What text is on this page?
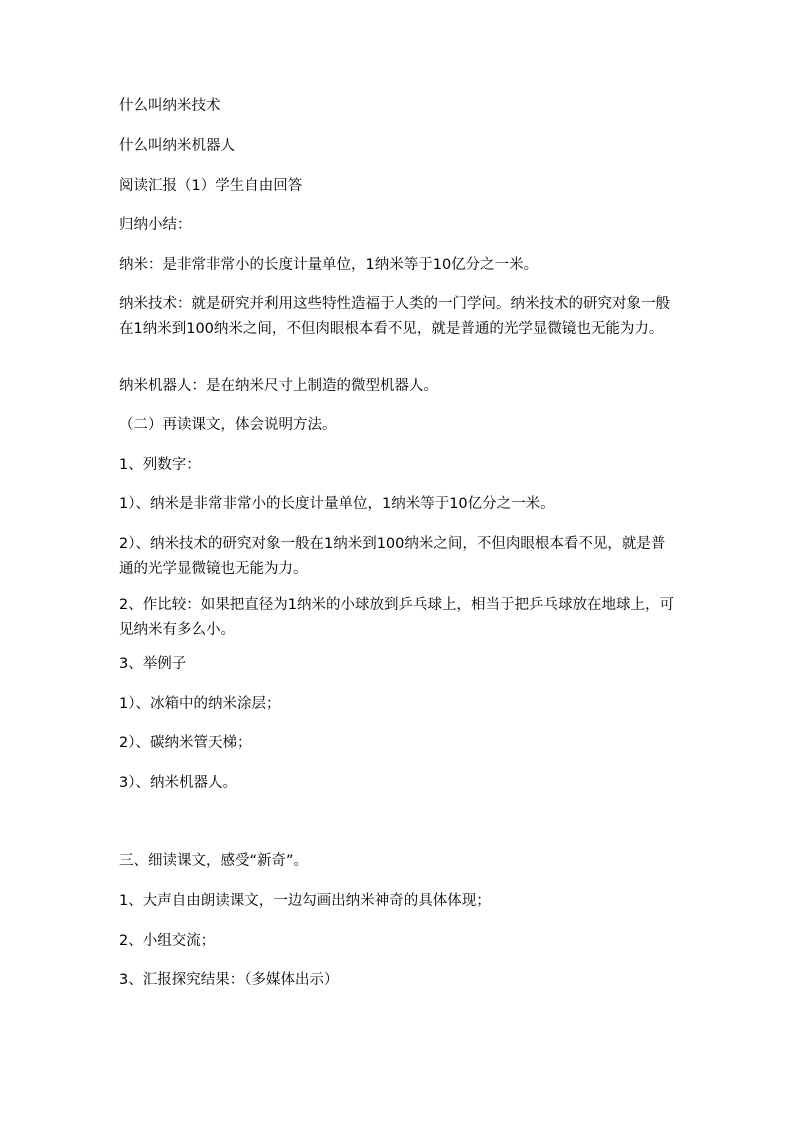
什么叫纳米技术

什么叫纳米机器人

阅读汇报（1）学生自由回答

归纳小结：

纳米：是非常非常小的长度计量单位，1纳米等于10亿分之一米。

纳米技术：就是研究并利用这些特性造福于人类的一门学问。纳米技术的研究对象一般在1纳米到100纳米之间，不但肉眼根本看不见，就是普通的光学显微镜也无能为力。

纳米机器人：是在纳米尺寸上制造的微型机器人。

（二）再读课文，体会说明方法。

1、列数字：

1）、纳米是非常非常小的长度计量单位，1纳米等于10亿分之一米。

2）、纳米技术的研究对象一般在1纳米到100纳米之间，不但肉眼根本看不见，就是普通的光学显微镜也无能为力。

2、作比较：如果把直径为1纳米的小球放到乒乓球上，相当于把乒乓球放在地球上，可见纳米有多么小。

3、举例子

1）、冰箱中的纳米涂层；

2）、碳纳米管天梯；

3）、纳米机器人。

三、细读课文，感受“新奇”。

1、大声自由朗读课文，一边勾画出纳米神奇的具体体现；

2、小组交流；

3、汇报探究结果：（多媒体出示）
